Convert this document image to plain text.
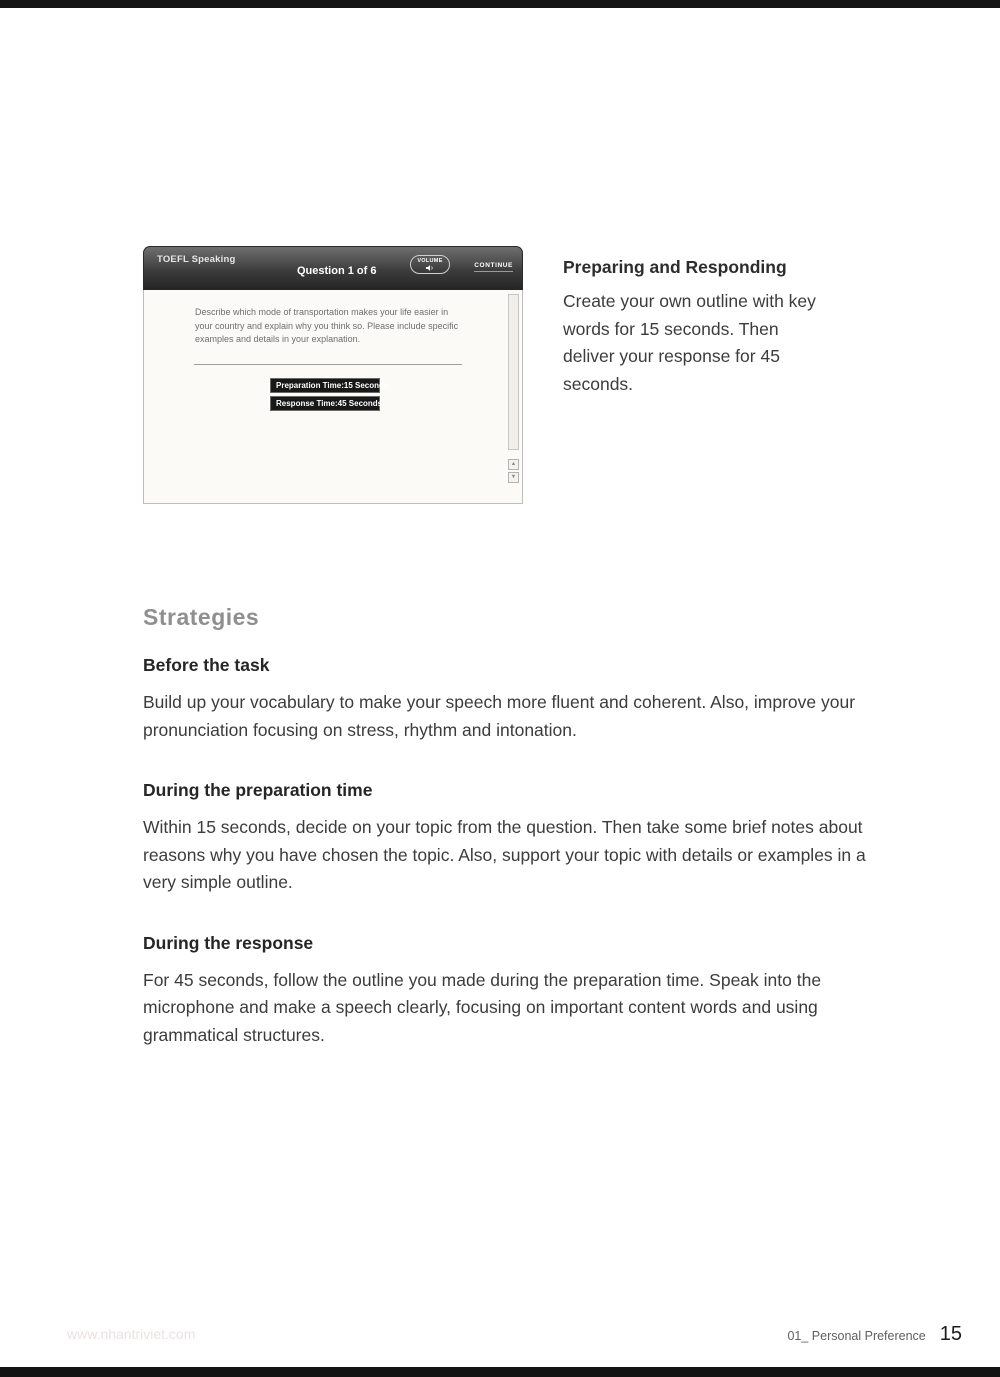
TOEFL Speaking
Question 1 of 6
VOLUME
CONTINUE
Describe which mode of transportation makes your life easier in your country and explain why you think so. Please include specific examples and details in your explanation.
Preparation Time: 15 Seconds
Response Time: 45 Seconds
▲
▼
Preparing and Responding
Create your own outline with key words for 15 seconds. Then deliver your response for 45 seconds.
Strategies
Before the task
Build up your vocabulary to make your speech more fluent and coherent. Also, improve your pronunciation focusing on stress, rhythm and intonation.
During the preparation time
Within 15 seconds, decide on your topic from the question. Then take some brief notes about reasons why you have chosen the topic. Also, support your topic with details or examples in a very simple outline.
During the response
For 45 seconds, follow the outline you made during the preparation time. Speak into the microphone and make a speech clearly, focusing on important content words and using grammatical structures.
www.nhantriviet.com	01_ Personal Preference 15
